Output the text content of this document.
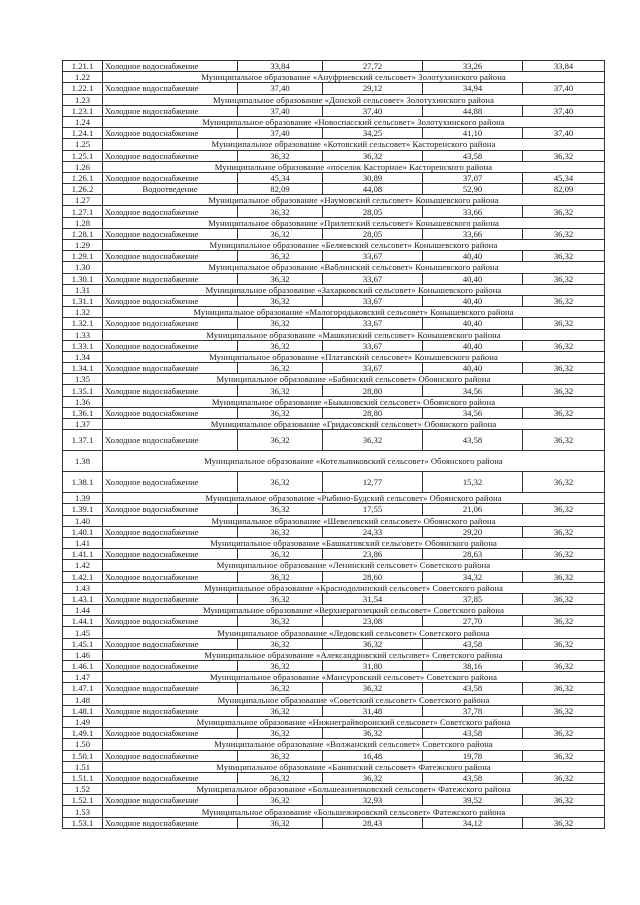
1.21.1	Холодное водоснабжение	33,84	27,72	33,26	33,84
1.22	Муниципальное образование «Ануфриевский сельсовет» Золотухинского района				
1.22.1	Холодное водоснабжение	37,40	29,12	34,94	37,40
1.23	Муниципальное образование «Донской сельсовет» Золотухинского района				
1.23.1	Холодное водоснабжение	37,40	37,40	44,88	37,40
1.24	Муниципальное образование «Новоспасский сельсовет» Золотухинского района				
1.24.1	Холодное водоснабжение	37,40	34,25	41,10	37,40
1.25	Муниципальное образование «Котовский сельсовет» Касторенского района				
1.25.1	Холодное водоснабжение	36,32	36,32	43,58	36,32
1.26	Муниципальное образование «поселок Касторное» Касторенского района				
1.26.1	Холодное водоснабжение	45,34	30,89	37,07	45,34
1.26.2	Водоотведение	82,09	44,08	52,90	82,09
1.27	Муниципальное образование «Наумовский сельсовет» Конышевского района				
1.27.1	Холодное водоснабжение	36,32	28,05	33,66	36,32
1.28	Муниципальное образование «Прилепский сельсовет» Конышевского района				
1.28.1	Холодное водоснабжение	36,32	28,05	33,66	36,32
1.29	Муниципальное образование «Беляевский сельсовет» Конышевского района				
1.29.1	Холодное водоснабжение	36,32	33,67	40,40	36,32
1.30	Муниципальное образование «Ваблинский сельсовет» Конышевского района				
1.30.1	Холодное водоснабжение	36,32	33,67	40,40	36,32
1.31	Муниципальное образование «Захарковский сельсовет» Конышевского района				
1.31.1	Холодное водоснабжение	36,32	33,67	40,40	36,32
1.32	Муниципальное образование «Малогородьковский сельсовет» Конышевского района				
1.32.1	Холодное водоснабжение	36,32	33,67	40,40	36,32
1.33	Муниципальное образование «Машкинский сельсовет» Конышевского района				
1.33.1	Холодное водоснабжение	36,32	33,67	40,40	36,32
1.34	Муниципальное образование «Платавский сельсовет» Конышевского района				
1.34.1	Холодное водоснабжение	36,32	33,67	40,40	36,32
1.35	Муниципальное образование «Бабинский сельсовет» Обоянского района				
1.35.1	Холодное водоснабжение	36,32	28,80	34,56	36,32
1.36	Муниципальное образование «Быкановский сельсовет» Обоянского района				
1.36.1	Холодное водоснабжение	36,32	28,80	34,56	36,32
1.37	Муниципальное образование «Гридасовский сельсовет» Обоянского района				
1.37.1	Холодное водоснабжение	36,32	36,32	43,58	36,32
1.38	Муниципальное образование «Котельниковский сельсовет» Обоянского района				
1.38.1	Холодное водоснабжение	36,32	12,77	15,32	36,32
1.39	Муниципальное образование «Рыбино-Будский сельсовет» Обоянского района				
1.39.1	Холодное водоснабжение	36,32	17,55	21,06	36,32
1.40	Муниципальное образование «Шевелевский сельсовет» Обоянского района				
1.40.1	Холодное водоснабжение	36,32	24,33	29,20	36,32
1.41	Муниципальное образование «Башкатовский сельсовет» Обоянского района				
1.41.1	Холодное водоснабжение	36,32	23,86	28,63	36,32
1.42	Муниципальное образование «Ленинский сельсовет» Советского района				
1.42.1	Холодное водоснабжение	36,32	28,60	34,32	36,32
1.43	Муниципальное образование «Краснодолинский сельсовет» Советского района				
1.43.1	Холодное водоснабжение	36,32	31,54	37,85	36,32
1.44	Муниципальное образование «Верхнерагозецкий сельсовет» Советского района				
1.44.1	Холодное водоснабжение	36,32	23,08	27,70	36,32
1.45	Муниципальное образование «Ледовский сельсовет» Советского района				
1.45.1	Холодное водоснабжение	36,32	36,32	43,58	36,32
1.46	Муниципальное образование «Александровский сельсовет» Советского района				
1.46.1	Холодное водоснабжение	36,32	31,80	38,16	36,32
1.47	Муниципальное образование «Мансуровский сельсовет» Советского района				
1.47.1	Холодное водоснабжение	36,32	36,32	43,58	36,32
1.48	Муниципальное образование «Советский сельсовет» Советского района				
1.48.1	Холодное водоснабжение	36,32	31,48	37,78	36,32
1.49	Муниципальное образование «Нижнеграйворонский сельсовет» Советского района				
1.49.1	Холодное водоснабжение	36,32	36,32	43,58	36,32
1.50	Муниципальное образование «Волжанский сельсовет» Советского района				
1.50.1	Холодное водоснабжение	36,32	16,48	19,78	36,32
1.51	Муниципальное образование «Банинский сельсовет» Фатежского района				
1.51.1	Холодное водоснабжение	36,32	36,32	43,58	36,32
1.52	Муниципальное образование «Большеанненковский сельсовет» Фатежского района				
1.52.1	Холодное водоснабжение	36,32	32,93	39,52	36,32
1.53	Муниципальное образование «Большежировский сельсовет» Фатежского района				
1.53.1	Холодное водоснабжение	36,32	28,43	34,12	36,32
